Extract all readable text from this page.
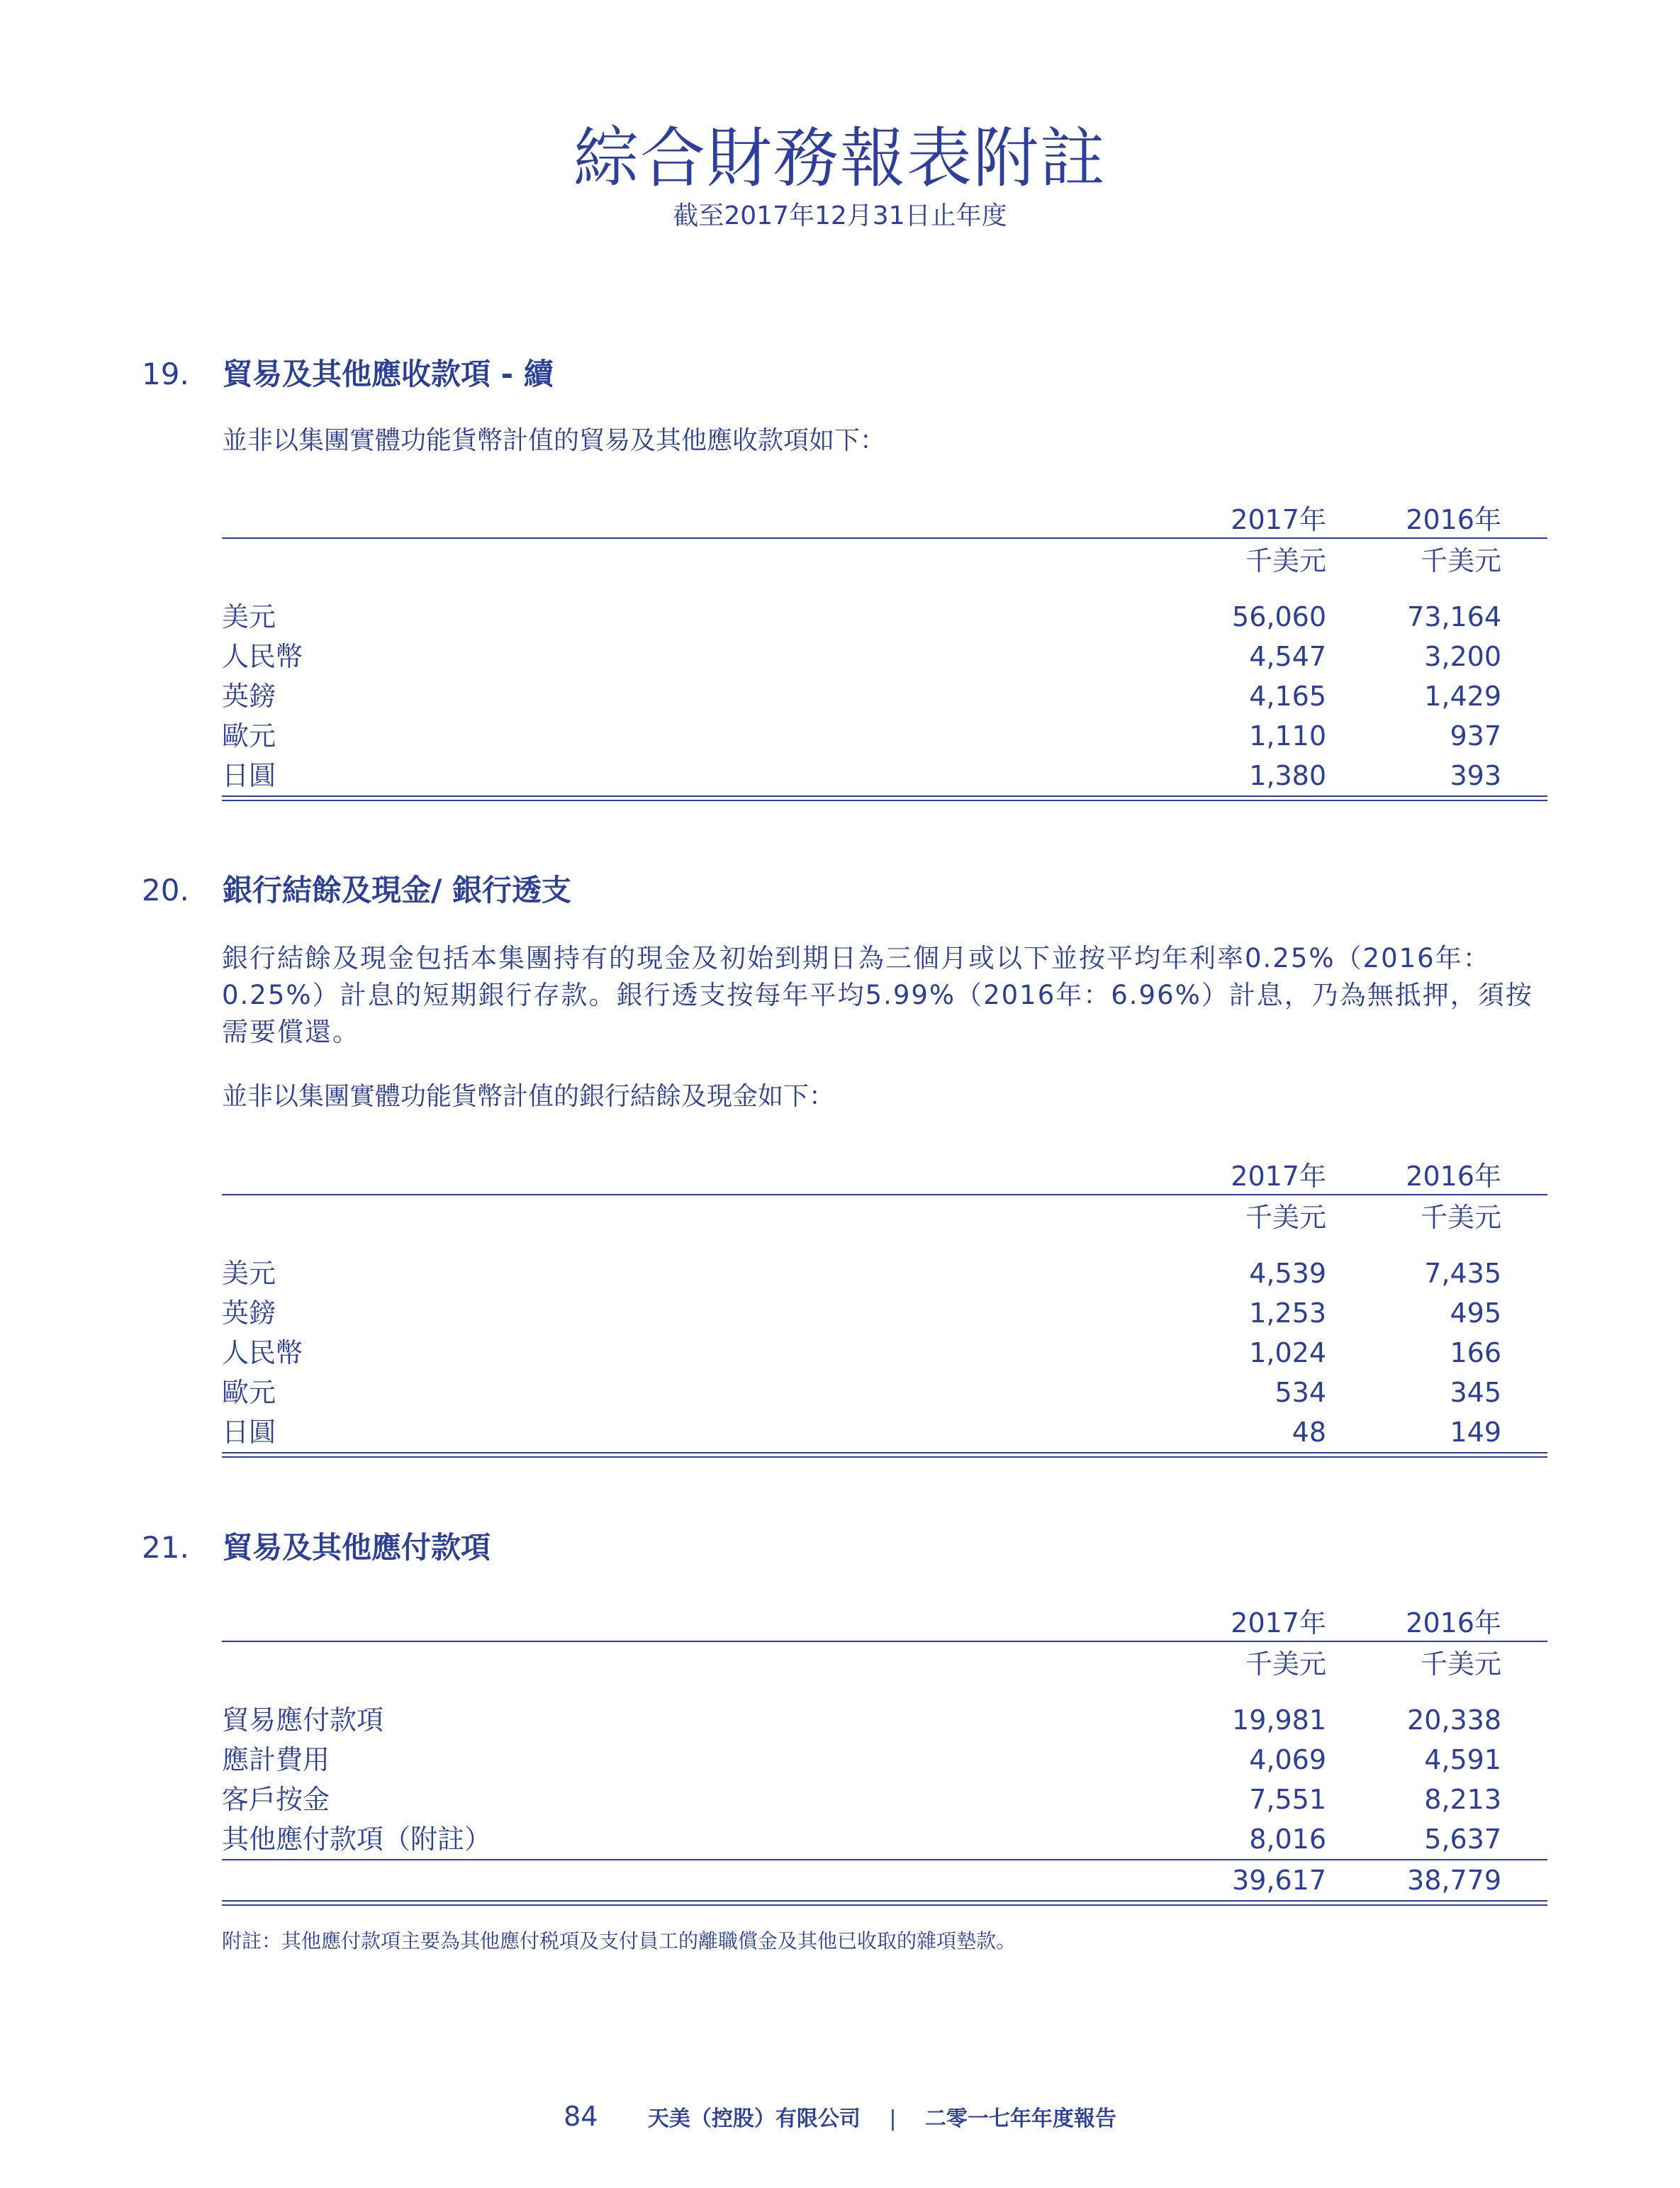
綜合財務報表附註
截至2017年12月31日止年度
19.	貿易及其他應收款項 - 續
並非以集團實體功能貨幣計值的貿易及其他應收款項如下：
2017年	2016年
千美元	千美元
美元	56,060	73,164
人民幣	4,547	3,200
英鎊	4,165	1,429
歐元	1,110	937
日圓	1,380	393
20.	銀行結餘及現金/ 銀行透支
銀行結餘及現金包括本集團持有的現金及初始到期日為三個月或以下並按平均年利率0.25%（2016年：0.25%）計息的短期銀行存款。銀行透支按每年平均5.99%（2016年：6.96%）計息，乃為無抵押，須按需要償還。
並非以集團實體功能貨幣計值的銀行結餘及現金如下：
2017年	2016年
千美元	千美元
美元	4,539	7,435
英鎊	1,253	495
人民幣	1,024	166
歐元	534	345
日圓	48	149
21.	貿易及其他應付款項
2017年	2016年
千美元	千美元
貿易應付款項	19,981	20,338
應計費用	4,069	4,591
客戶按金	7,551	8,213
其他應付款項（附註）	8,016	5,637
39,617	38,779
附註：其他應付款項主要為其他應付税項及支付員工的離職償金及其他已收取的雜項墊款。
84 天美（控股）有限公司 | 二零一七年年度報告
